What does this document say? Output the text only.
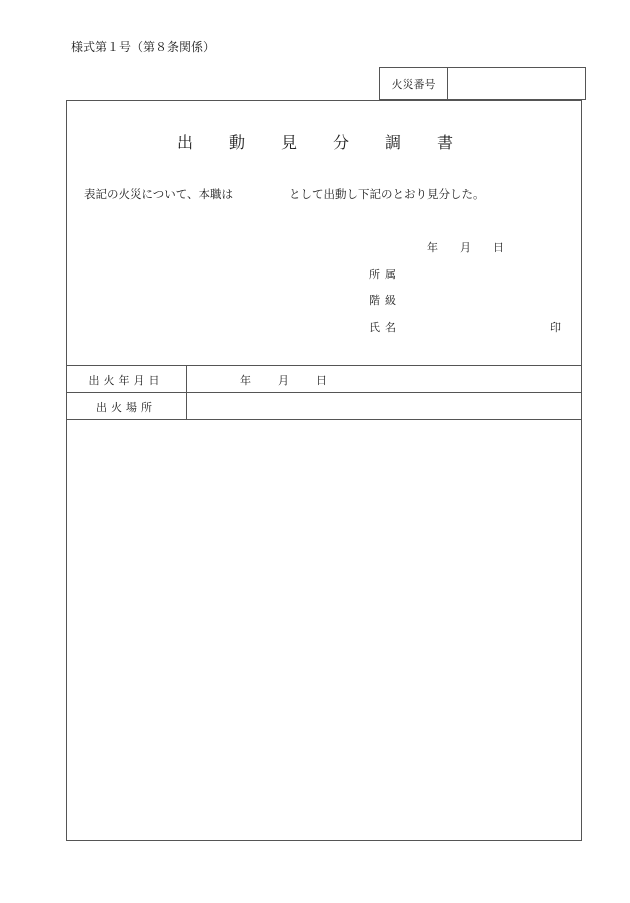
様式第１号（第８条関係）
火災番号
出 動 見 分 調 書
表記の火災について、本職は	として出動し下記のとおり見分した。
年 月 日
所属
階級
氏名	印
出火年月日	年 月 日
出火場所
